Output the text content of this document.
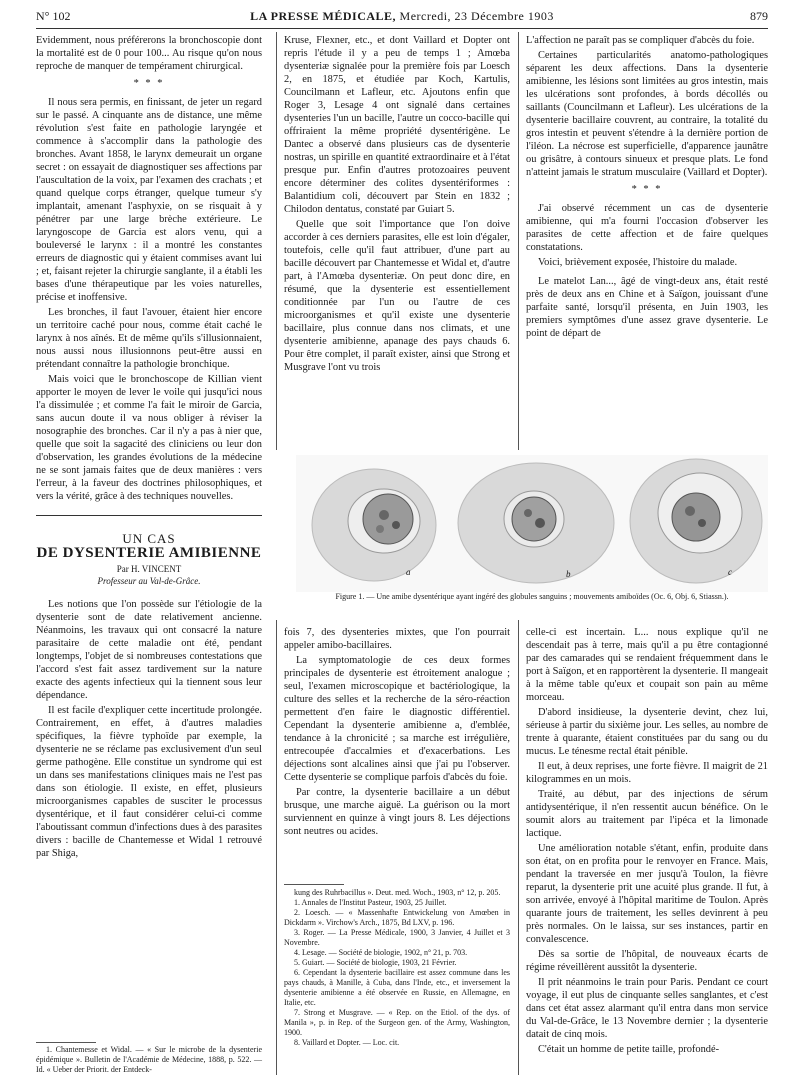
N° 102	LA PRESSE MÉDICALE, Mercredi, 23 Décembre 1903	879

Evidemment, nous préférerons la bronchoscopie dont la mortalité est de 0 pour 100... Au risque qu'on nous reproche de manquer de tempérament chirurgical.

* * *

Il nous sera permis, en finissant, de jeter un regard sur le passé. A cinquante ans de distance, une même révolution s'est faite en pathologie laryngée et commence à s'accomplir dans la pathologie des bronches. Avant 1858, le larynx demeurait un organe secret : on essayait de diagnostiquer ses affections par l'auscultation de la voix, par l'examen des crachats ; et quand quelque corps étranger, quelque tumeur s'y implantait, amenant l'asphyxie, on se risquait à y pénétrer par une large brèche extérieure. Le laryngoscope de Garcia est alors venu, qui a bouleversé le larynx : il a montré les constantes erreurs de diagnostic qui y étaient commises avant lui ; et, faisant rejeter la chirurgie sanglante, il a établi les bases d'une thérapeutique par les voies naturelles, précise et inoffensive.

Les bronches, il faut l'avouer, étaient hier encore un territoire caché pour nous, comme était caché le larynx à nos aînés. Et de même qu'ils s'illusionnaient, nous aussi nous illusionnons peut-être aussi en prétendant connaître la pathologie bronchique.

Mais voici que le bronchoscope de Killian vient apporter le moyen de lever le voile qui jusqu'ici nous l'a dissimulée ; et comme l'a fait le miroir de Garcia, sans aucun doute il va nous obliger à réviser la nosographie des bronches. Car il n'y a pas à nier que, quelle que soit la sagacité des cliniciens ou leur don d'observation, les grandes évolutions de la médecine ne se sont jamais faites que de deux manières : vers l'erreur, à la faveur des doctrines philosophiques, et vers la vérité, grâce à des techniques nouvelles.

UN CAS
DE DYSENTERIE AMIBIENNE
Par H. VINCENT
Professeur au Val-de-Grâce.

Les notions que l'on possède sur l'étiologie de la dysenterie sont de date relativement ancienne. Néanmoins, les travaux qui ont consacré la nature parasitaire de cette maladie ont été, pendant longtemps, l'objet de si nombreuses contestations que l'accord s'est fait assez tardivement sur la nature exacte des agents infectieux qui la tiennent sous leur dépendance.

Il est facile d'expliquer cette incertitude prolongée. Contrairement, en effet, à d'autres maladies spécifiques, la fièvre typhoïde par exemple, la dysenterie ne se réclame pas exclusivement d'un seul germe pathogène. Elle constitue un syndrome qui est un dans ses manifestations cliniques mais ne l'est pas dans son étiologie. Il existe, en effet, plusieurs microorganismes capables de susciter le processus dysentérique, et il faut considérer celui-ci comme l'aboutissant commun d'infections dues à des parasites divers : bacille de Chantemesse et Widal 1 retrouvé par Shiga,

1. Chantemesse et Widal. — « Sur le microbe de la dysenterie épidémique ». Bulletin de l'Académie de Médecine, 1888, p. 522. — Id. « Ueber der Priorit. der Entdeck-

Kruse, Flexner, etc., et dont Vaillard et Dopter ont repris l'étude il y a peu de temps 1 ; Amœba dysenteriæ signalée pour la première fois par Loesch 2, en 1875, et étudiée par Koch, Kartulis, Councilmann et Lafleur, etc. Ajoutons enfin que Roger 3, Lesage 4 ont signalé dans certaines dysenteries l'un un bacille, l'autre un cocco-bacille qui offriraient la même propriété dysentérigène. Le Dantec a observé dans plusieurs cas de dysenterie nostras, un spirille en quantité extraordinaire et à l'état presque pur. Enfin d'autres protozoaires peuvent encore déterminer des colites dysentériformes : Balantidium coli, découvert par Stein en 1832 ; Chilodon dentatus, constaté par Guiart 5.

Quelle que soit l'importance que l'on doive accorder à ces derniers parasites, elle est loin d'égaler, toutefois, celle qu'il faut attribuer, d'une part au bacille découvert par Chantemesse et Widal et, d'autre part, à l'Amœba dysenteriæ. On peut donc dire, en résumé, que la dysenterie est essentiellement conditionnée par l'un ou l'autre de ces microorganismes et qu'il existe une dysenterie bacillaire, plus connue dans nos climats, et une dysenterie amibienne, apanage des pays chauds 6. Pour être complet, il paraît exister, ainsi que Strong et Musgrave l'ont vu trois

L'affection ne paraît pas se compliquer d'abcès du foie.

Certaines particularités anatomo-pathologiques séparent les deux affections. Dans la dysenterie amibienne, les lésions sont limitées au gros intestin, mais les ulcérations sont profondes, à bords décollés ou saillants (Councilmann et Lafleur). Les ulcérations de la dysenterie bacillaire couvrent, au contraire, la totalité du gros intestin et peuvent s'étendre à la dernière portion de l'iléon. La nécrose est superficielle, d'apparence jaunâtre ou grisâtre, à contours sinueux et presque plats. Le fond n'atteint jamais le stratum musculaire (Vaillard et Dopter).

* * *

J'ai observé récemment un cas de dysenterie amibienne, qui m'a fourni l'occasion d'observer les parasites de cette affection et de faire quelques constatations.

Voici, brièvement exposée, l'histoire du malade.

Le matelot Lan..., âgé de vingt-deux ans, était resté près de deux ans en Chine et à Saïgon, jouissant d'une parfaite santé, lorsqu'il présenta, en Juin 1903, les premiers symptômes d'une assez grave dysenterie. Le point de départ de

a	b	c
Figure 1. — Une amibe dysentérique ayant ingéré des globules sanguins ; mouvements amiboïdes (Oc. 6, Obj. 6, Stiassn.).

fois 7, des dysenteries mixtes, que l'on pourrait appeler amibo-bacillaires.

La symptomatologie de ces deux formes principales de dysenterie est étroitement analogue ; seul, l'examen microscopique et bactériologique, la culture des selles et la recherche de la séro-réaction permettent d'en faire le diagnostic différentiel. Cependant la dysenterie amibienne a, d'emblée, tendance à la chronicité ; sa marche est irrégulière, entrecoupée d'accalmies et d'exacerbations. Les déjections sont alcalines ainsi que j'ai pu l'observer. Cette dysenterie se complique parfois d'abcès du foie.

Par contre, la dysenterie bacillaire a un début brusque, une marche aiguë. La guérison ou la mort surviennent en quinze à vingt jours 8. Les déjections sont neutres ou acides.

kung des Ruhrbacillus ». Deut. med. Woch., 1903, n° 12, p. 205.

1. Annales de l'Institut Pasteur, 1903, 25 Juillet.

2. Loesch. — « Massenhafte Entwickelung von Amœben in Dickdarm ». Virchow's Arch., 1875, Bd LXV, p. 196.

3. Roger. — La Presse Médicale, 1900, 3 Janvier, 4 Juillet et 3 Novembre.

4. Lesage. — Société de biologie, 1902, n° 21, p. 703.

5. Guiart. — Société de biologie, 1903, 21 Février.

6. Cependant la dysenterie bacillaire est assez commune dans les pays chauds, à Manille, à Cuba, dans l'Inde, etc., et inversement la dysenterie amibienne a été observée en Russie, en Allemagne, en Italie, etc.

7. Strong et Musgrave. — « Rep. on the Etiol. of the dys. of Manila », p. in Rep. of the Surgeon gen. of the Army, Washington, 1900.

8. Vaillard et Dopter. — Loc. cit.

celle-ci est incertain. L... nous explique qu'il ne descendait pas à terre, mais qu'il a pu être contagionné par des camarades qui se rendaient fréquemment dans le port à Saïgon, et en rapportèrent la dysenterie. Il mangeait à la même table qu'eux et coupait son pain au même morceau.

D'abord insidieuse, la dysenterie devint, chez lui, sérieuse à partir du sixième jour. Les selles, au nombre de trente à quarante, étaient constituées par du sang ou du mucus. Le ténesme rectal était pénible.

Il eut, à deux reprises, une forte fièvre. Il maigrit de 21 kilogrammes en un mois.

Traité, au début, par des injections de sérum antidysentérique, il n'en ressentit aucun bénéfice. On le soumit alors au traitement par l'ipéca et la limonade lactique.

Une amélioration notable s'étant, enfin, produite dans son état, on en profita pour le renvoyer en France. Mais, pendant la traversée en mer jusqu'à Toulon, la fièvre reparut, la dysenterie prit une acuité plus grande. Il fut, à son arrivée, envoyé à l'hôpital maritime de Toulon. Après quarante jours de traitement, les selles devinrent à peu près normales. On le laissa, sur ses instances, partir en convalescence.

Dès sa sortie de l'hôpital, de nouveaux écarts de régime réveillèrent aussitôt la dysenterie.

Il prit néanmoins le train pour Paris. Pendant ce court voyage, il eut plus de cinquante selles sanglantes, et c'est dans cet état assez alarmant qu'il entra dans mon service du Val-de-Grâce, le 13 Novembre dernier ; la dysenterie datait de cinq mois.

C'était un homme de petite taille, profondé-
